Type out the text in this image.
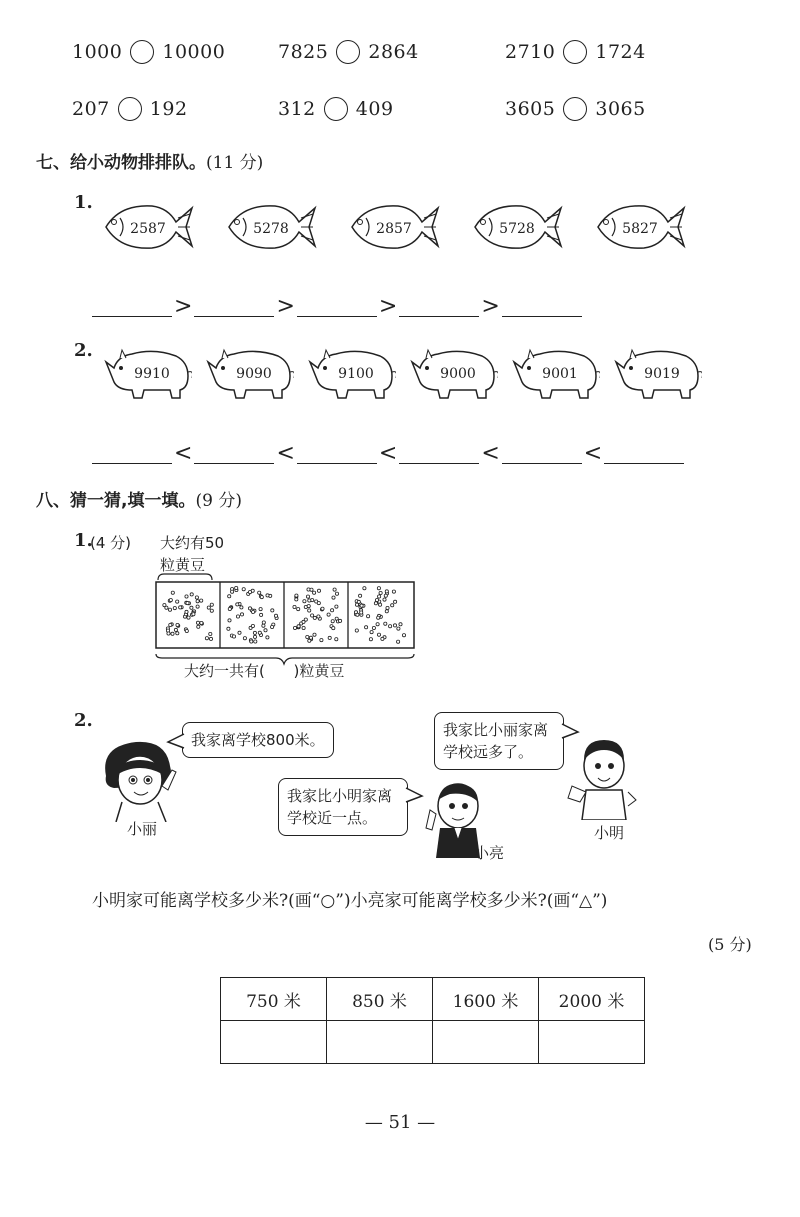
1000 10000	7825 2864	2710 1724
207 192	312 409	3605 3065
七、给小动物排排队。(11 分)
1.
2587	5278	2857	5728	5827
>	>	>	>
2.
9910	9090	9100	9000	9001	9019
<	<	<	<	<
八、猜一猜,填一填。(9 分)
1.
(4 分) 大约有50
粒黄豆
大约一共有(      )粒黄豆
2.
小丽
我家离学校800米。
我家比小明家离学校近一点。
小亮
我家比小丽家离学校远多了。
小明
小明家可能离学校多少米?(画“○”)小亮家可能离学校多少米?(画“△”)
(5 分)
750 米	850 米	1600 米	2000 米

— 51 —
